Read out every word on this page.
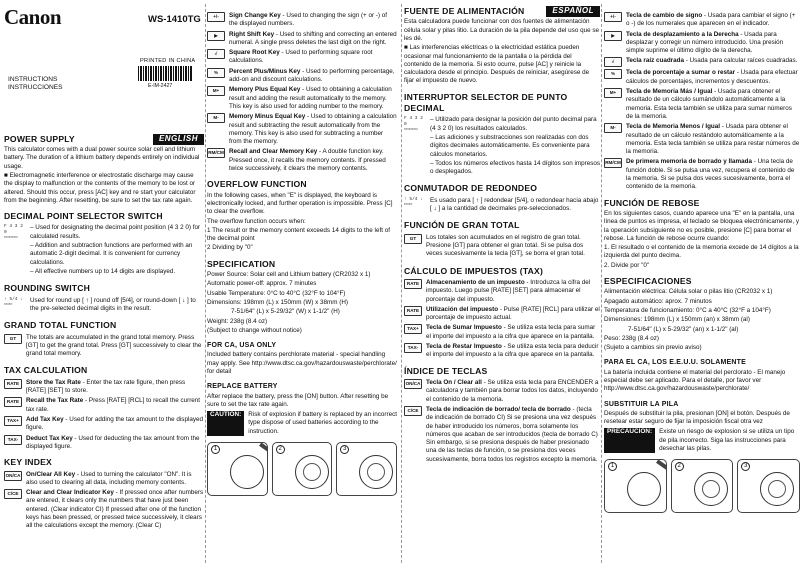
Canon	WS-1410TG
PRINTED IN CHINA
E-IM-2427
INSTRUCTIONS
INSTRUCCIONES
POWER SUPPLY	ENGLISH

This calculator comes with a dual power source solar cell and lithium battery. The duration of a lithium battery depends entirely on individual usage.

■ Electromagnetic interference or electrostatic discharge may cause the display to malfunction or the contents of the memory to be lost or altered. Should this occur, press [AC] key and re start your calculator from the beginning. After resetting, be sure to set the tax rate again.

DECIMAL POINT SELECTOR SWITCH
F 4 3 2 0
▭▭▭▭▭

– Used for designating the decimal point position (4 3 2 0) for calculated results.

– Addition and subtraction functions are performed with an automatic 2-digit decimal. It is convenient for currency calculations.

– All effective numbers up to 14 digits are displayed.

ROUNDING SWITCH
↑ 5/4 ↓
▭▭▭

Used for round up [ ↑ ] round off [5/4], or round-down [ ↓ ] to the pre-selected decimal digits in the result.

GRAND TOTAL FUNCTION
GT	The totals are accumulated in the grand total memory. Press [GT] to get the grand total. Press [GT] successively to clear the grand total memory.

TAX CALCULATION
RATE	Store the Tax Rate - Enter the tax rate figure, then press [RATE] [SET] to store.
RATE	Recall the Tax Rate - Press [RATE] [RCL] to recall the current tax rate.
TAX+	Add Tax Key - Used for adding the tax amount to the displayed figure.
TAX-	Deduct Tax Key - Used for deducting the tax amount from the displayed figure.
KEY INDEX
ON/CA On/Clear All Key - Used to turning the calculator "ON". It is also used to clearing all data, including memory contents.
C/CE	Clear and Clear Indicator Key - If pressed once after numbers are entered, it clears only the numbers that have just been entered. (Clear indicator CI) If pressed after one of the function keys has been pressed, or pressed twice successively, it clears all the calculations except the memory. (Clear C)
+/-	Sign Change Key - Used to changing the sign (+ or -) of the displayed numbers.
▶	Right Shift Key - Used to shifting and correcting an entered numeral. A single press deletes the last digit on the right.
√	Square Root Key - Used to performing square root calculations.
%	Percent Plus/Minus Key - Used to performing percentage, add-on and discount calculations.
M+	Memory Plus Equal Key - Used to obtaining a calculation result and adding the result automatically to the memory. This key is also used for adding number to the memory.
M-	Memory Minus Equal Key - Used to obtaining a calculation result and subtracting the result automatically from the memory. This key is also used for subtracting a number from the memory.
RM/CM Recall and Clear Memory Key - A double function key. Pressed once, it recalls the memory contents. If pressed twice successively, it clears the memory contents.
OVERFLOW FUNCTION

In the following cases, when "E" is displayed, the keyboard is electronically locked, and further operation is impossible. Press [C] to clear the overflow.

The overflow function occurs when:

1 The result or the memory content exceeds 14 digits to the left of the decimal point

2 Dividing by "0"

SPECIFICATION

Power Source: Solar cell and Lithium battery (CR2032 x 1)

Automatic power-off: approx. 7 minutes

Usable Temperature: 0°C to 40°C (32°F to 104°F)

Dimensions: 198mm (L) x 150mm (W) x 38mm (H)

7-51/64" (L) x 5-29/32" (W) x 1-1/2" (H)

Weight: 238g (8.4 oz)

(Subject to change without notice)

FOR CA, USA ONLY

Included battery contains perchlorate material - special handling may apply. See http://www.dtsc.ca.gov/hazardouswaste/perchlorate/ for detail

REPLACE BATTERY

After replace the battery, press the [ON] button. After resetting be sure to set the tax rate again.

CAUTION:	Risk of explosion if battery is replaced by an incorrect type dispose of used batteries according to the instruction.
1	2	3
FUENTE DE ALIMENTACIÓN	ESPAÑOL

Esta calculadora puede funcionar con dos fuentes de alimentación célula solar y pilas litio. La duración de la pila depende del uso que se les dé.

■ Las interferencias eléctricas o la electricidad estática pueden ocasionar mal funcionamiento de la pantalla o la pérdida del contenido de la memoria. Si esto ocurre, pulse [AC] y reinicie la calculadora desde el principio. Después de reiniciar, asegúrese de fijar el impuesto de nuevo.

INTERRUPTOR SELECTOR DE PUNTO DECIMAL
F 4 3 2 0
▭▭▭▭▭

– Utilizado para designar la posición del punto decimal para (4 3 2 0) los resultados calculados.

– Las adiciones y substracciones son realizadas con dos dígitos decimales automáticamente. Es conveniente para cálculos monetarios.

– Todos los números efectivos hasta 14 dígitos son impresos o desplegados.

CONMUTADOR DE REDONDEO
↑ 5/4 ↓
▭▭▭

Es usado para [ ↑ ] redondear [5/4], o redondear hacia abajo [ ↓ ] a la cantidad de decimales pre-seleccionados.

FUNCIÓN DE GRAN TOTAL
GT	Los totales son acumulados en el registro de gran total. Presione [GT] para obtener el gran total. Si se pulsa dos veces sucesivamente la tecla [GT], se borra el gran total.

CÁLCULO DE IMPUESTOS (TAX)
RATE	Almacenamiento de un impuesto - Introduzca la cifra del impuesto. Luego pulse [RATE] [SET] para almacenar el porcentaje del impuesto.
RATE	Utilización del impuesto - Pulse [RATE] [RCL] para utilizar el porcentaje de impuesto actual.
TAX+	Tecla de Sumar Impuesto - Se utiliza esta tecla para sumar el importe del impuesto a la cifra que aparece en la pantalla.
TAX-	Tecla de Restar Impuesto - Se utiliza esta tecla para deducir el importe del impuesto a la cifra que aparece en la pantalla.
ÍNDICE DE TECLAS
ON/CA Tecla On / Clear all - Se utiliza esta tecla para ENCENDER a calculadora y también para borrar todos los datos, incluyendo el contenido de la memoria.
C/CE	Tecla de indicación de borrado/ tecla de borrado - (tecla de indicación de borrado CI) Si se presiona una vez después de haber introducido los números, borra solamente los números que acaban de ser introducidos (tecla de borrado C) Sin embargo, si se presiona después de haber presionado una de las teclas de función, o se presiona dos veces sucesivamente, borra todos los registros excepto la memoria.
+/-	Tecla de cambio de signo - Usada para cambiar el signo (+ o -) de los numerales que aparecen en el indicador.
▶	Tecla de desplazamiento a la Derecha - Usada para desplazar y corregir un número introducido. Una presión simple suprime el último dígito de la derecha.
√	Tecla raíz cuadrada - Usada para calcular raíces cuadradas.
%	Tecla de porcentaje a sumar o restar - Usada para efectuar cálculos de porcentajes, incrementos y descuentos.
M+	Tecla de Memoria Más / Igual - Usada para obtener el resultado de un cálculo sumándolo automáticamente a la memoria. Esta tecla también se utiliza para sumar números de la memoria.
M-	Tecla de Memoria Menos / Igual - Usada para obtener el resultado de un cálculo restándolo automáticamente a la memoria. Esta tecla también se utiliza para restar números de la memoria.
RM/CM De primera memoria de borrado y llamada - Una tecla de función doble. Si se pulsa una vez, recupera el contenido de la memoria. Si se pulsa dos veces sucesivamente, borra el contenido de la memoria.
FUNCIÓN DE REBOSE

En los siguientes casos, cuando aparece una "E" en la pantalla, una línea de puntos es impresa, el teclado se bloquea electrónicamente, y la operación subsiguiente no es posible, presione [C] para borrar el rebose. La función de rebose ocurre cuando:

1. El resultado o el contenido de la memoria excede de 14 dígitos a la izquierda del punto decima.

2. Divide por "0"

ESPECIFICACIONES

Alimentación eléctrica: Célula solar o pilas litio (CR2032 x 1)

Apagado automático: aprox. 7 minutos

Temperatura de funcionamiento: 0°C a 40°C (32°F a 104°F)

Dimensiones: 198mm (L) x 150mm (an) x 38mm (al)

7-51/64" (L) x 5-29/32" (an) x 1-1/2" (al)

Peso: 238g (8.4 oz)

(Sujeto a cambios sin previo aviso)

PARA EL CA, LOS E.E.U.U. SOLAMENTE

La batería incluida contiene el material del perclorato - El manejo especial debe ser aplicado. Para el detalle, por favor ver http://www.dtsc.ca.gov/hazardouswaste/perchlorate/

SUBSTITUIR LA PILA

Después de substituir la pila, presionan [ON] el botón. Después de resetear estar seguro de fijar la imposición fiscal otra vez

PRECAUCION:	Existe un riesgo de explosion si se utiliza un tipo de pila incorrecto. Siga las instrucciones para desechar las pilas.
1	2	3
